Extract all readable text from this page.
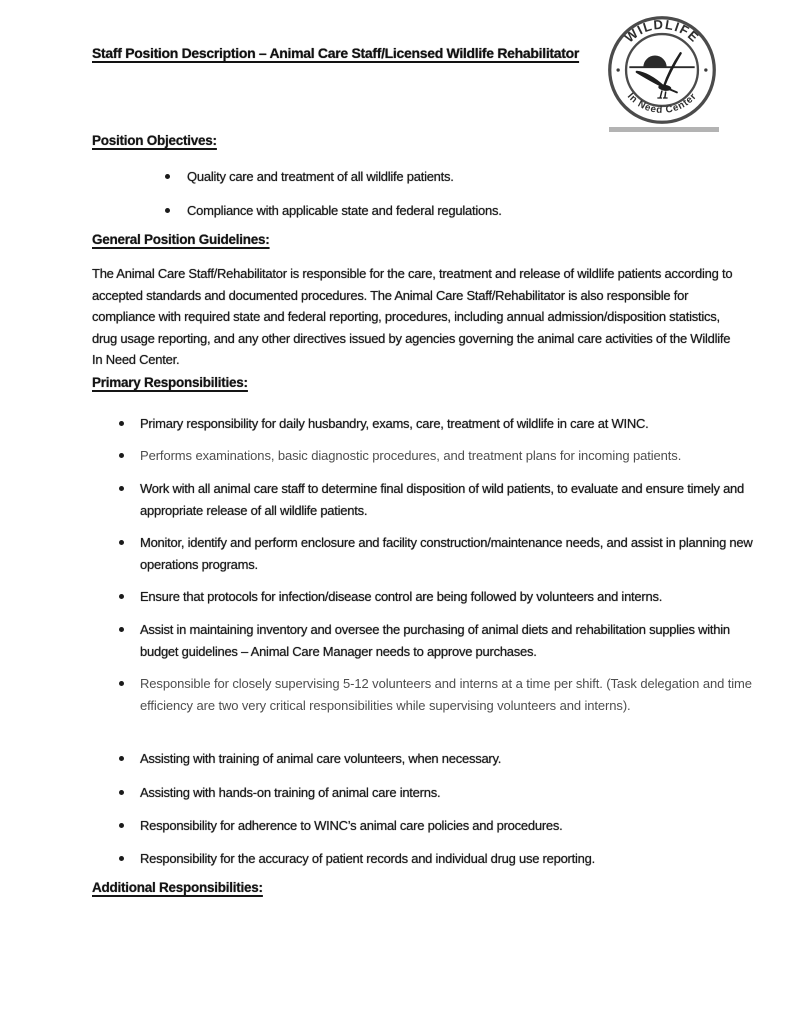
Staff Position Description – Animal Care Staff/Licensed Wildlife Rehabilitator
WILDLIFE
In Need Center
Position Objectives:
Quality care and treatment of all wildlife patients.
Compliance with applicable state and federal regulations.
General Position Guidelines:
The Animal Care Staff/Rehabilitator is responsible for the care, treatment and release of wildlife patients according to accepted standards and documented procedures. The Animal Care Staff/Rehabilitator is also responsible for compliance with required state and federal reporting, procedures, including annual admission/disposition statistics, drug usage reporting, and any other directives issued by agencies governing the animal care activities of the Wildlife In Need Center.
Primary Responsibilities:
Primary responsibility for daily husbandry, exams, care, treatment of wildlife in care at WINC.
Performs examinations, basic diagnostic procedures, and treatment plans for incoming patients.
Work with all animal care staff to determine final disposition of wild patients, to evaluate and ensure timely and appropriate release of all wildlife patients.
Monitor, identify and perform enclosure and facility construction/maintenance needs, and assist in planning new operations programs.
Ensure that protocols for infection/disease control are being followed by volunteers and interns.
Assist in maintaining inventory and oversee the purchasing of animal diets and rehabilitation supplies within budget guidelines – Animal Care Manager needs to approve purchases.
Responsible for closely supervising 5-12 volunteers and interns at a time per shift. (Task delegation and time efficiency are two very critical responsibilities while supervising volunteers and interns).
Assisting with training of animal care volunteers, when necessary.
Assisting with hands-on training of animal care interns.
Responsibility for adherence to WINC’s animal care policies and procedures.
Responsibility for the accuracy of patient records and individual drug use reporting.
Additional Responsibilities:
